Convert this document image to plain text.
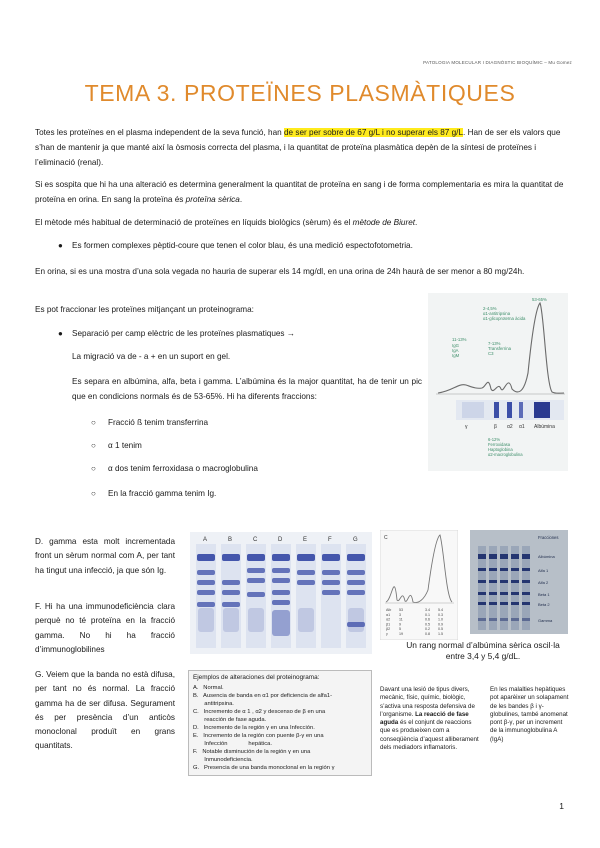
PATOLOGIA MOLECULAR I DIAGNÒSTIC BIOQUÍMIC – Mu Gomez
TEMA 3. PROTEÏNES PLASMÀTIQUES
Totes les proteïnes en el plasma independent de la seva funció, han de ser per sobre de 67 g/L i no superar els 87 g/L. Han de ser els valors que s’han de mantenir ja que manté així la òsmosis correcta del plasma, i la quantitat de proteïna plasmàtica depèn de la síntesi de proteïnes i l’eliminació (renal).
Si es sospita que hi ha una alteració es determina generalment la quantitat de proteïna en sang i de forma complementaria es mira la quantitat de proteïna en orina. En sang la proteïna és proteïna sèrica.
El mètode més habitual de determinació de proteïnes en líquids biològics (sèrum) és el mètode de Biuret.
● Es formen complexes pèptid-coure que tenen el color blau, és una medició espectofotometria.
En orina, si es una mostra d’una sola vegada no hauria de superar els 14 mg/dl, en una orina de 24h haurà de ser menor a 80 mg/24h.
Es pot fraccionar les proteïnes mitjançant un proteinograma:
● Separació per camp elèctric de les proteïnes plasmatiques →
La migració va de - a + en un suport en gel.
Es separa en albúmina, alfa, beta i gamma. L’albúmina és la major quantitat, ha de tenir un pic que en condicions normals és de 53-65%. Hi ha diferents fraccions:
○ Fracció ß tenim transferrina
○ α 1 tenim
○ α dos tenim ferroxidasa o macroglobulina
○ En la fracció gamma tenim Ig.
11-13%
IgG
IgA
IgM
2-4,5%
α1-antitripsina
α1-glicoproteïna àcida
7-13%
Transferrina
C3
53-65%
γ	β α2 α1 Albúmina
6-12%
Ferroxidasa
Haptoglobina
α2-macroglobulina
D. gamma esta molt incrementada front un sèrum normal com A, per tant ha tingut una infecció, ja que són Ig.
F. Hi ha una immunodeficiència clara perquè no té proteïna en la fracció gamma. No hi ha fracció d’immunoglobilines
G. Veiem que la banda no està difusa, per tant no és normal. La fracció gamma ha de ser difusa. Segurament és per presència d’un anticòs monoclonal produït en grans quantitats.
A	B	C	D	E	F	G	C
Alb 53	3.4 5.4
α1 3	0.1 0.3
α2 11	0.6 1.0
β1 9	0.5 0.9
β2 5	0.2 0.5
γ	19	0.8 1.5
Fracciones
Albúmina
Alfa 1
Alfa 2
Beta 1
Beta 2
Gamma
Un rang normal d’albúmina sèrica oscil·la entre 3,4 y 5,4 g/dL.
Ejemplos de alteraciones del proteinograma:
A.   Normal.
B.   Ausencia de banda en α1 por deficiencia de alfa1-
antitripsina.
C.   Incremento de α 1 , α2 y descenso de β en una
reacción de fase aguda.
D.   Incremento de la región γ en una Infección.
E.   Incremento de la región con puente β-γ en una
Infección             hepática.
F.   Notable disminución de la región γ en una
Inmunodeficiencia.
G.   Presencia de una banda monoclonal en la región γ
Davant una lesió de tipus divers, mecànic, físic, químic, biològic, s’activa una resposta defensiva de l’organisme. La reacció de fase aguda és el conjunt de reaccions que es produeixen com a conseqüència d’aquest alliberament dels mediadors inflamatoris.
En les malalties hepàtiques pot aparèixer un solapament de les bandes β i γ-globulines, també anomenat pont β-γ, per un increment de la immunoglobulina A (IgA)
1
